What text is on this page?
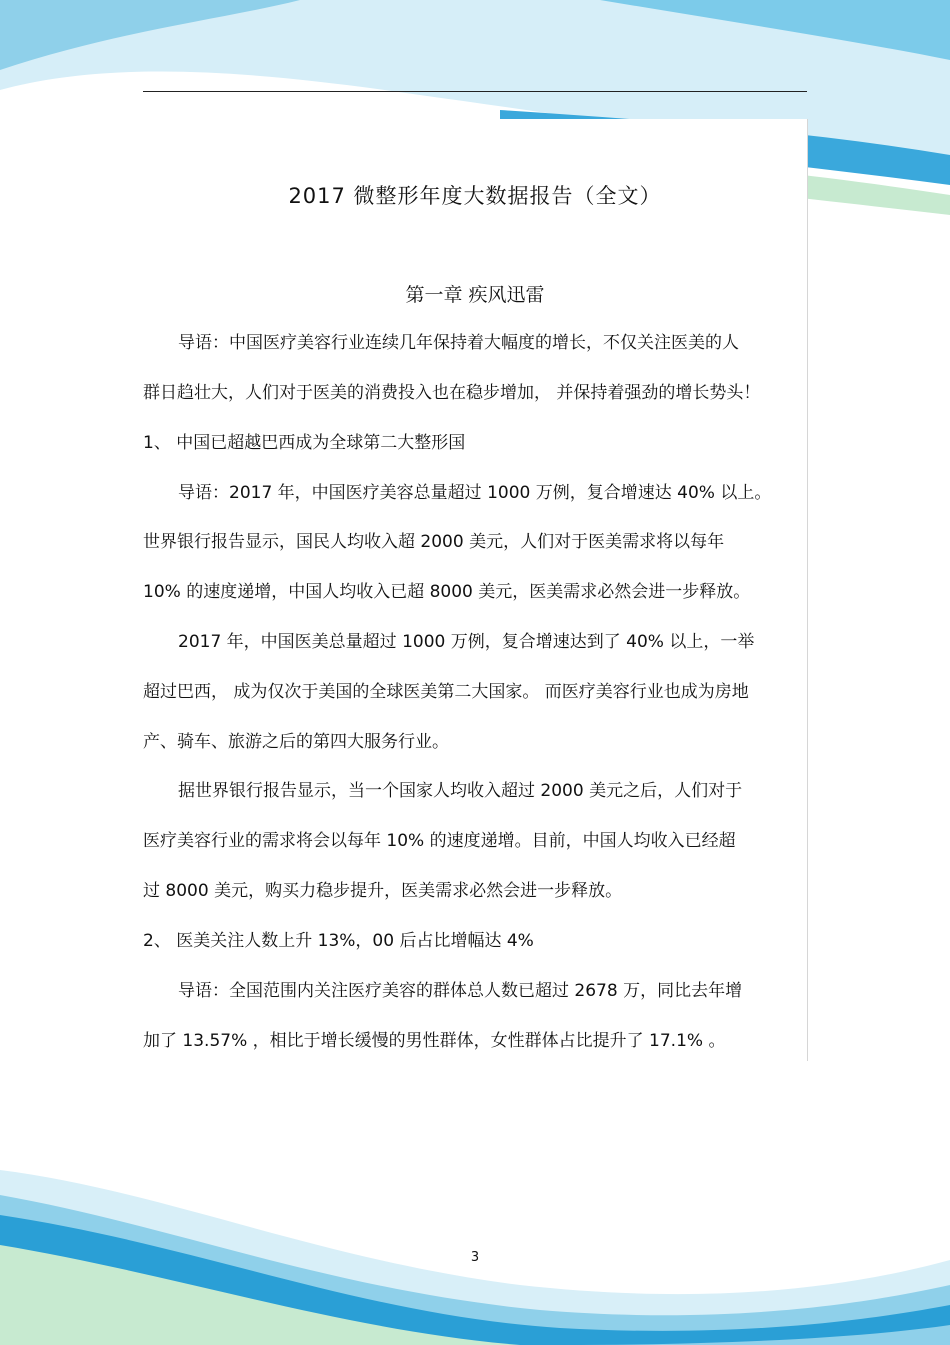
2017 微整形年度大数据报告（全文）
第一章 疾风迅雷
导语：中国医疗美容行业连续几年保持着大幅度的增长，不仅关注医美的人
群日趋壮大，人们对于医美的消费投入也在稳步增加， 并保持着强劲的增长势头！
1、 中国已超越巴西成为全球第二大整形国
导语：2017 年，中国医疗美容总量超过 1000 万例，复合增速达 40% 以上。
世界银行报告显示，国民人均收入超 2000 美元，人们对于医美需求将以每年
10% 的速度递增，中国人均收入已超 8000 美元，医美需求必然会进一步释放。
2017 年，中国医美总量超过 1000 万例，复合增速达到了 40% 以上，一举
超过巴西， 成为仅次于美国的全球医美第二大国家。 而医疗美容行业也成为房地
产、骑车、旅游之后的第四大服务行业。
据世界银行报告显示，当一个国家人均收入超过 2000 美元之后，人们对于
医疗美容行业的需求将会以每年 10% 的速度递增。目前，中国人均收入已经超
过 8000 美元，购买力稳步提升，医美需求必然会进一步释放。
2、 医美关注人数上升 13%，00 后占比增幅达 4%
导语：全国范围内关注医疗美容的群体总人数已超过 2678 万，同比去年增
加了 13.57% ，相比于增长缓慢的男性群体，女性群体占比提升了 17.1% 。
3
